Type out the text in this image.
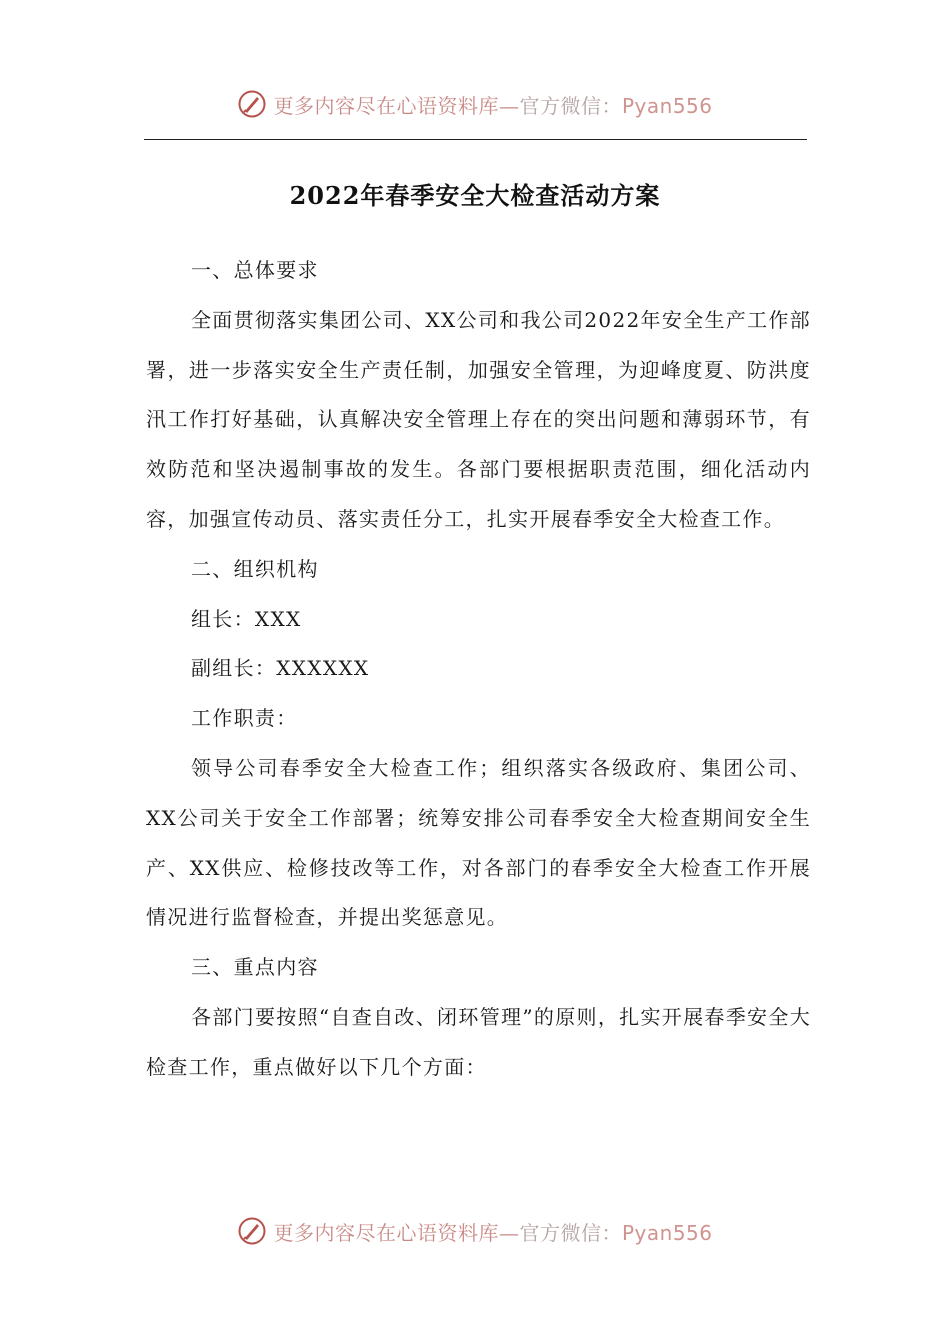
更多内容尽在心语资料库—官方微信：Pyan556
2022年春季安全大检查活动方案

一、总体要求

全面贯彻落实集团公司、XX公司和我公司2022年安全生产工作部署，进一步落实安全生产责任制，加强安全管理，为迎峰度夏、防洪度汛工作打好基础，认真解决安全管理上存在的突出问题和薄弱环节，有效防范和坚决遏制事故的发生。各部门要根据职责范围，细化活动内容，加强宣传动员、落实责任分工，扎实开展春季安全大检查工作。

二、组织机构

组长：XXX

副组长：XXXXXX

工作职责：

领导公司春季安全大检查工作；组织落实各级政府、集团公司、XX公司关于安全工作部署；统筹安排公司春季安全大检查期间安全生产、XX供应、检修技改等工作，对各部门的春季安全大检查工作开展情况进行监督检查，并提出奖惩意见。

三、重点内容

各部门要按照“自查自改、闭环管理”的原则，扎实开展春季安全大检查工作，重点做好以下几个方面：

更多内容尽在心语资料库—官方微信：Pyan556
